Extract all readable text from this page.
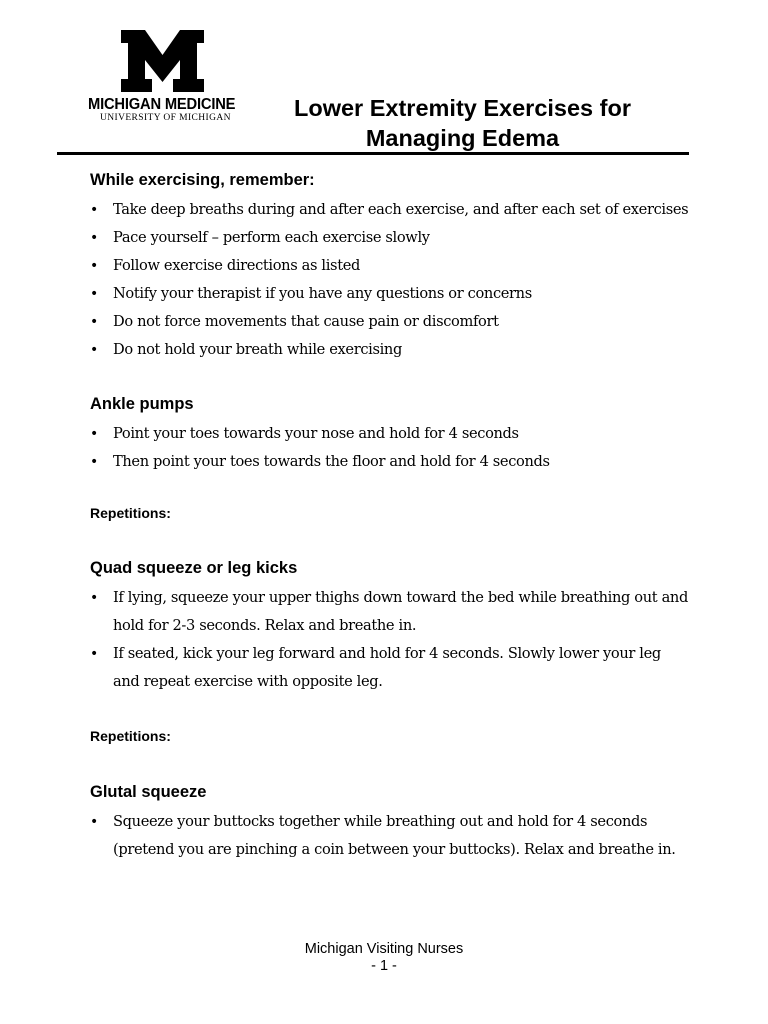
MICHIGAN MEDICINE
UNIVERSITY OF MICHIGAN	Lower Extremity Exercises for
Managing Edema
While exercising, remember:
• Take deep breaths during and after each exercise, and after each set of exercises
• Pace yourself – perform each exercise slowly
• Follow exercise directions as listed
• Notify your therapist if you have any questions or concerns
• Do not force movements that cause pain or discomfort
• Do not hold your breath while exercising
Ankle pumps
• Point your toes towards your nose and hold for 4 seconds
• Then point your toes towards the floor and hold for 4 seconds
Repetitions:
Quad squeeze or leg kicks
• If lying, squeeze your upper thighs down toward the bed while breathing out and hold for 2-3 seconds. Relax and breathe in.
• If seated, kick your leg forward and hold for 4 seconds. Slowly lower your leg and repeat exercise with opposite leg.
Repetitions:
Glutal squeeze
• Squeeze your buttocks together while breathing out and hold for 4 seconds (pretend you are pinching a coin between your buttocks). Relax and breathe in.
Michigan Visiting Nurses
- 1 -
